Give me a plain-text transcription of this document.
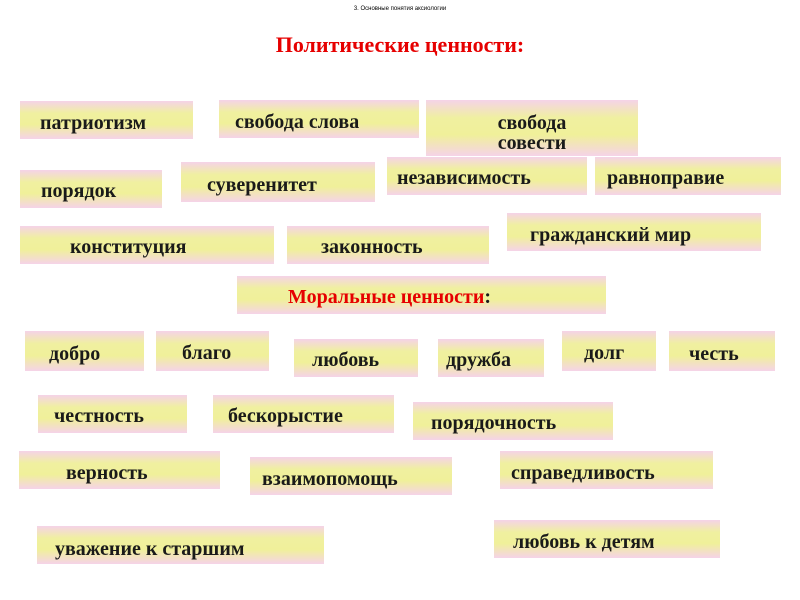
3. Основные понятия аксиологии
Политические ценности:
патриотизм	свобода слова	свобода совести
порядок	суверенитет	независимость	равноправие
конституция	законность
гражданский мир
Моральные ценности:
добро	благо	любовь	дружба	долг	честь
честность	бескорыстие	порядочность
верность	взаимопомощь	справедливость
уважение к старшим	любовь к детям
